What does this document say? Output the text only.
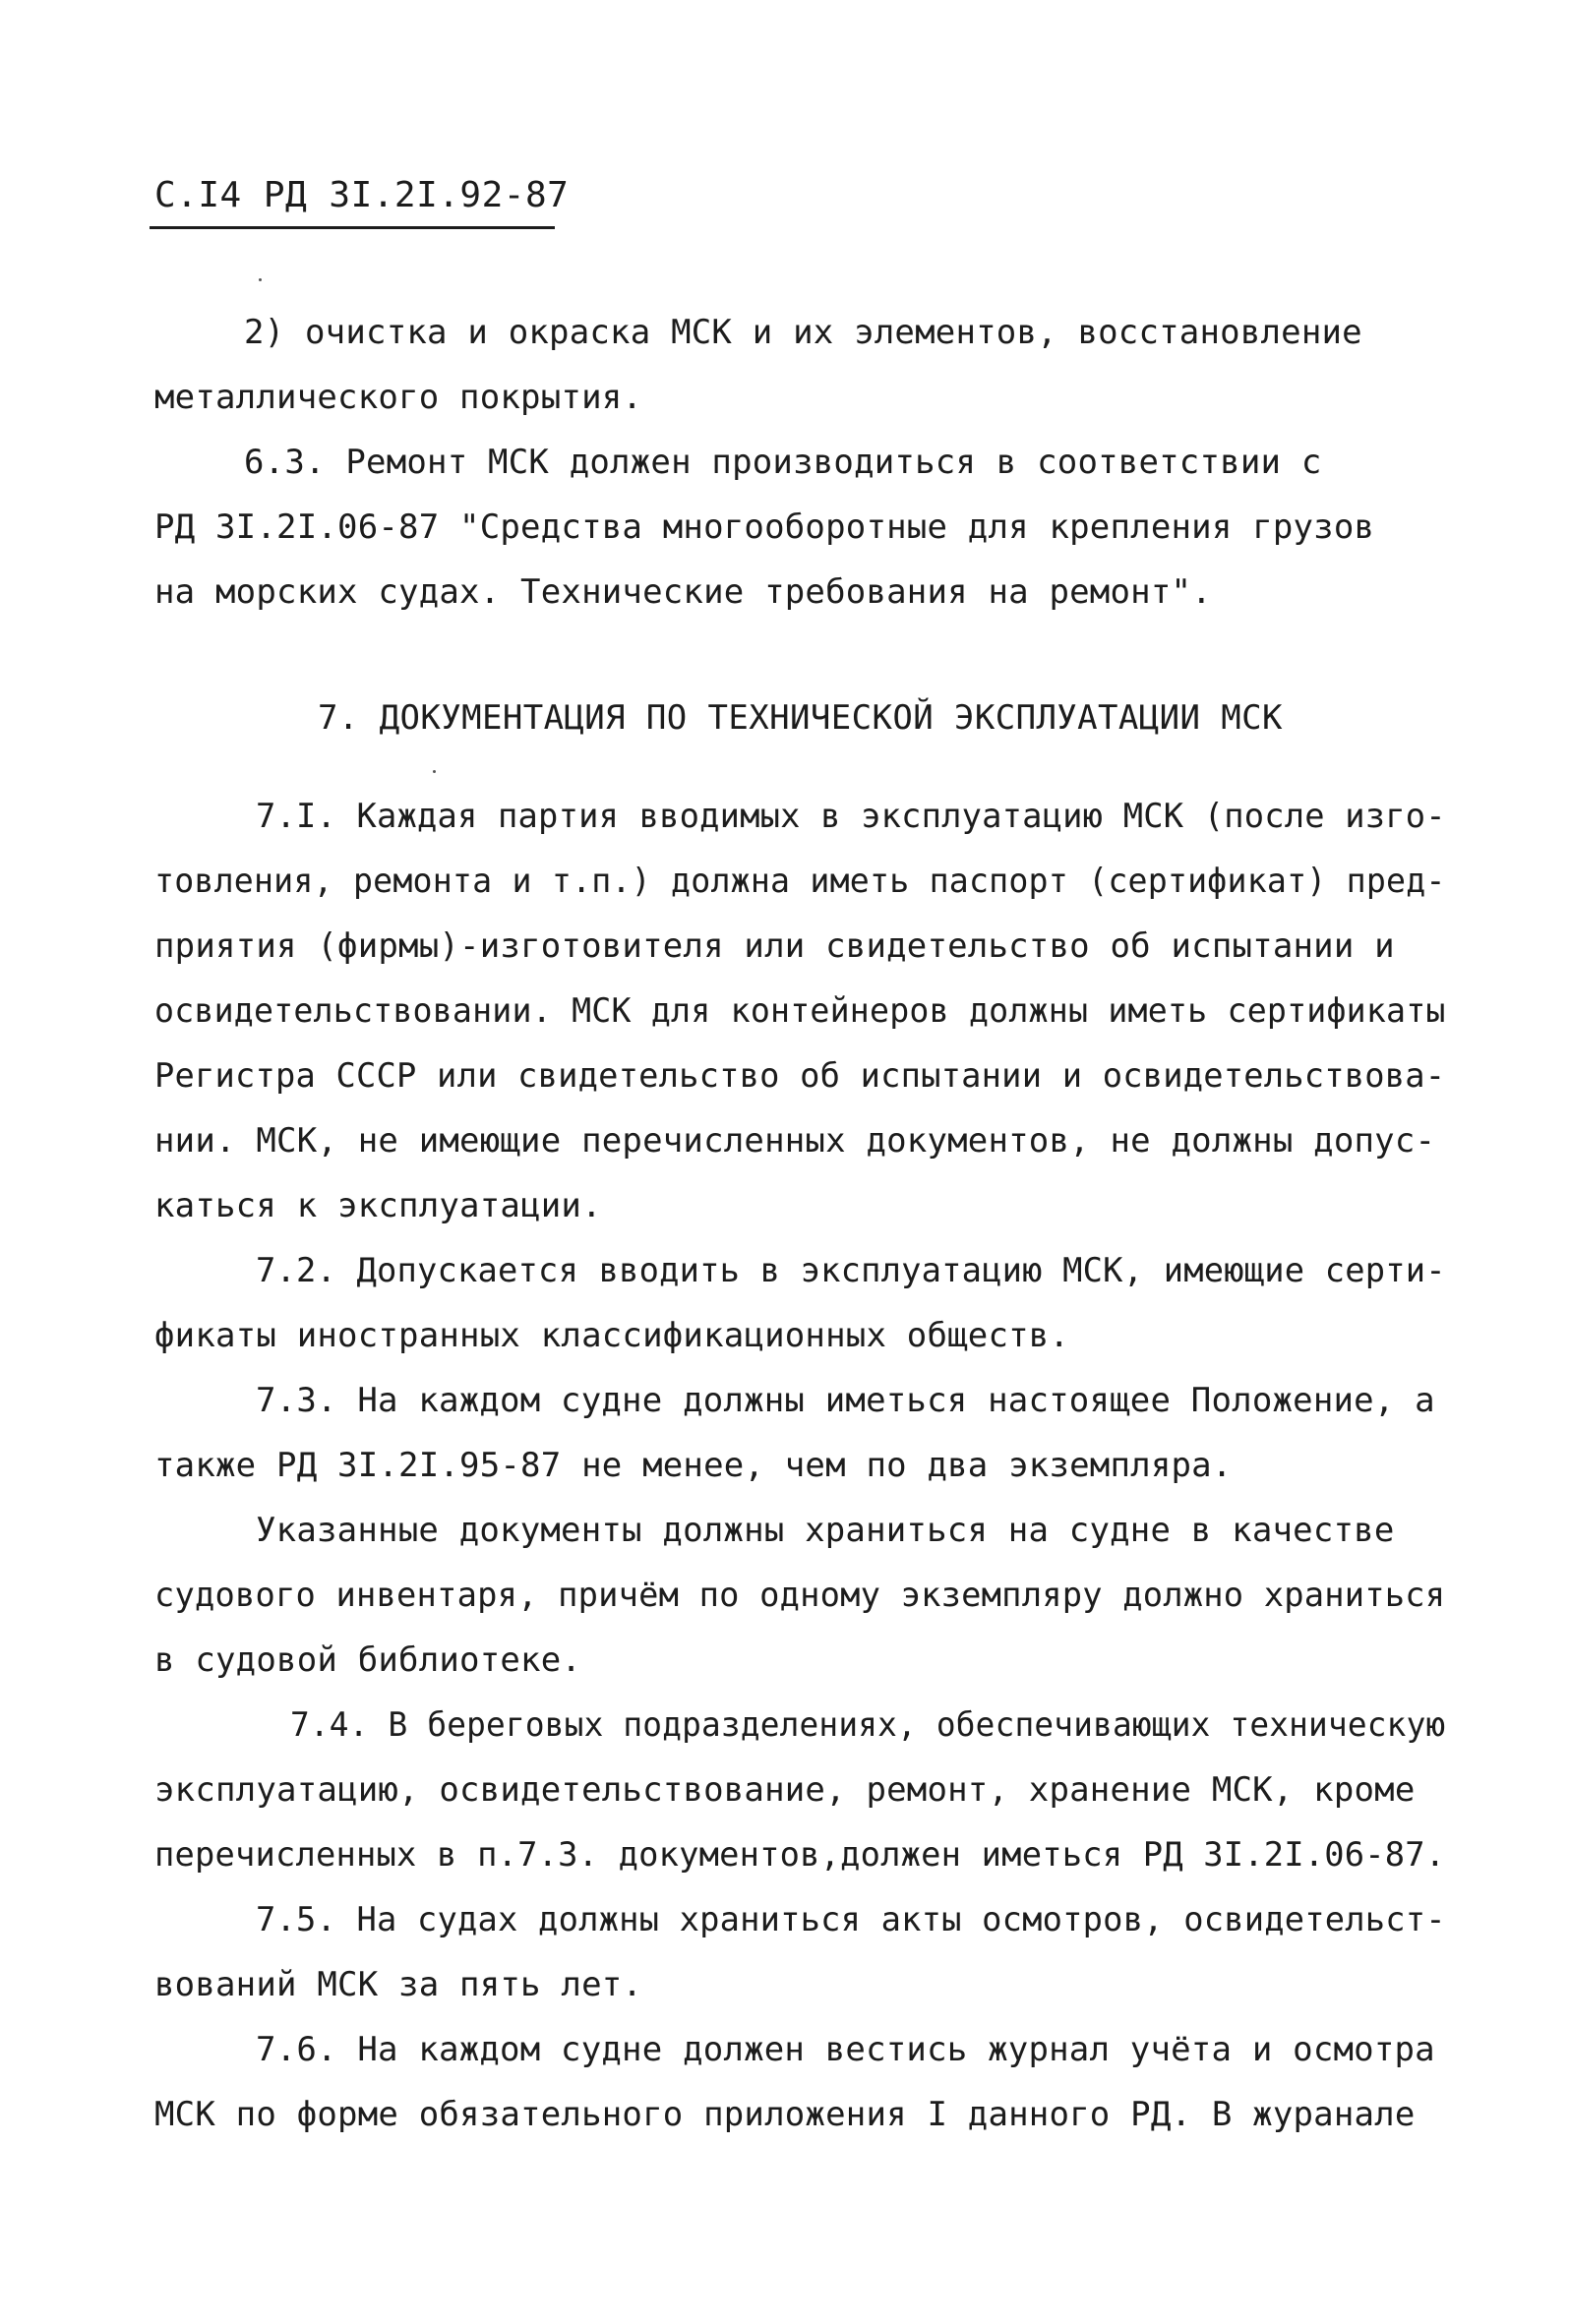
С.I4 РД 3I.2I.92-87
2) очистка и окраска МСК и их элементов, восстановление
металлического покрытия.
6.3. Ремонт МСК должен производиться в соответствии с
РД 3I.2I.06-87 "Средства многооборотные для крепления грузов
на морских судах. Технические требования на ремонт".
7. ДОКУМЕНТАЦИЯ ПО ТЕХНИЧЕСКОЙ ЭКСПЛУАТАЦИИ МСК
7.I. Каждая партия вводимых в эксплуатацию МСК (после изго-
товления, ремонта и т.п.) должна иметь паспорт (сертификат) пред-
приятия (фирмы)-изготовителя или свидетельство об испытании и
освидетельствовании. МСК для контейнеров должны иметь сертификаты
Регистра СССР или свидетельство об испытании и освидетельствова-
нии. МСК, не имеющие перечисленных документов, не должны допус-
каться к эксплуатации.
7.2. Допускается вводить в эксплуатацию МСК, имеющие серти-
фикаты иностранных классификационных обществ.
7.3. На каждом судне должны иметься настоящее Положение, а
также РД 3I.2I.95-87 не менее, чем по два экземпляра.
Указанные документы должны храниться на судне в качестве
судового инвентаря, причём по одному экземпляру должно храниться
в судовой библиотеке.
7.4. В береговых подразделениях, обеспечивающих техническую
эксплуатацию, освидетельствование, ремонт, хранение МСК, кроме
перечисленных в п.7.3. документов,должен иметься РД 3I.2I.06-87.
7.5. На судах должны храниться акты осмотров, освидетельст-
вований МСК за пять лет.
7.6. На каждом судне должен вестись журнал учёта и осмотра
МСК по форме обязательного приложения I данного РД. В журанале
